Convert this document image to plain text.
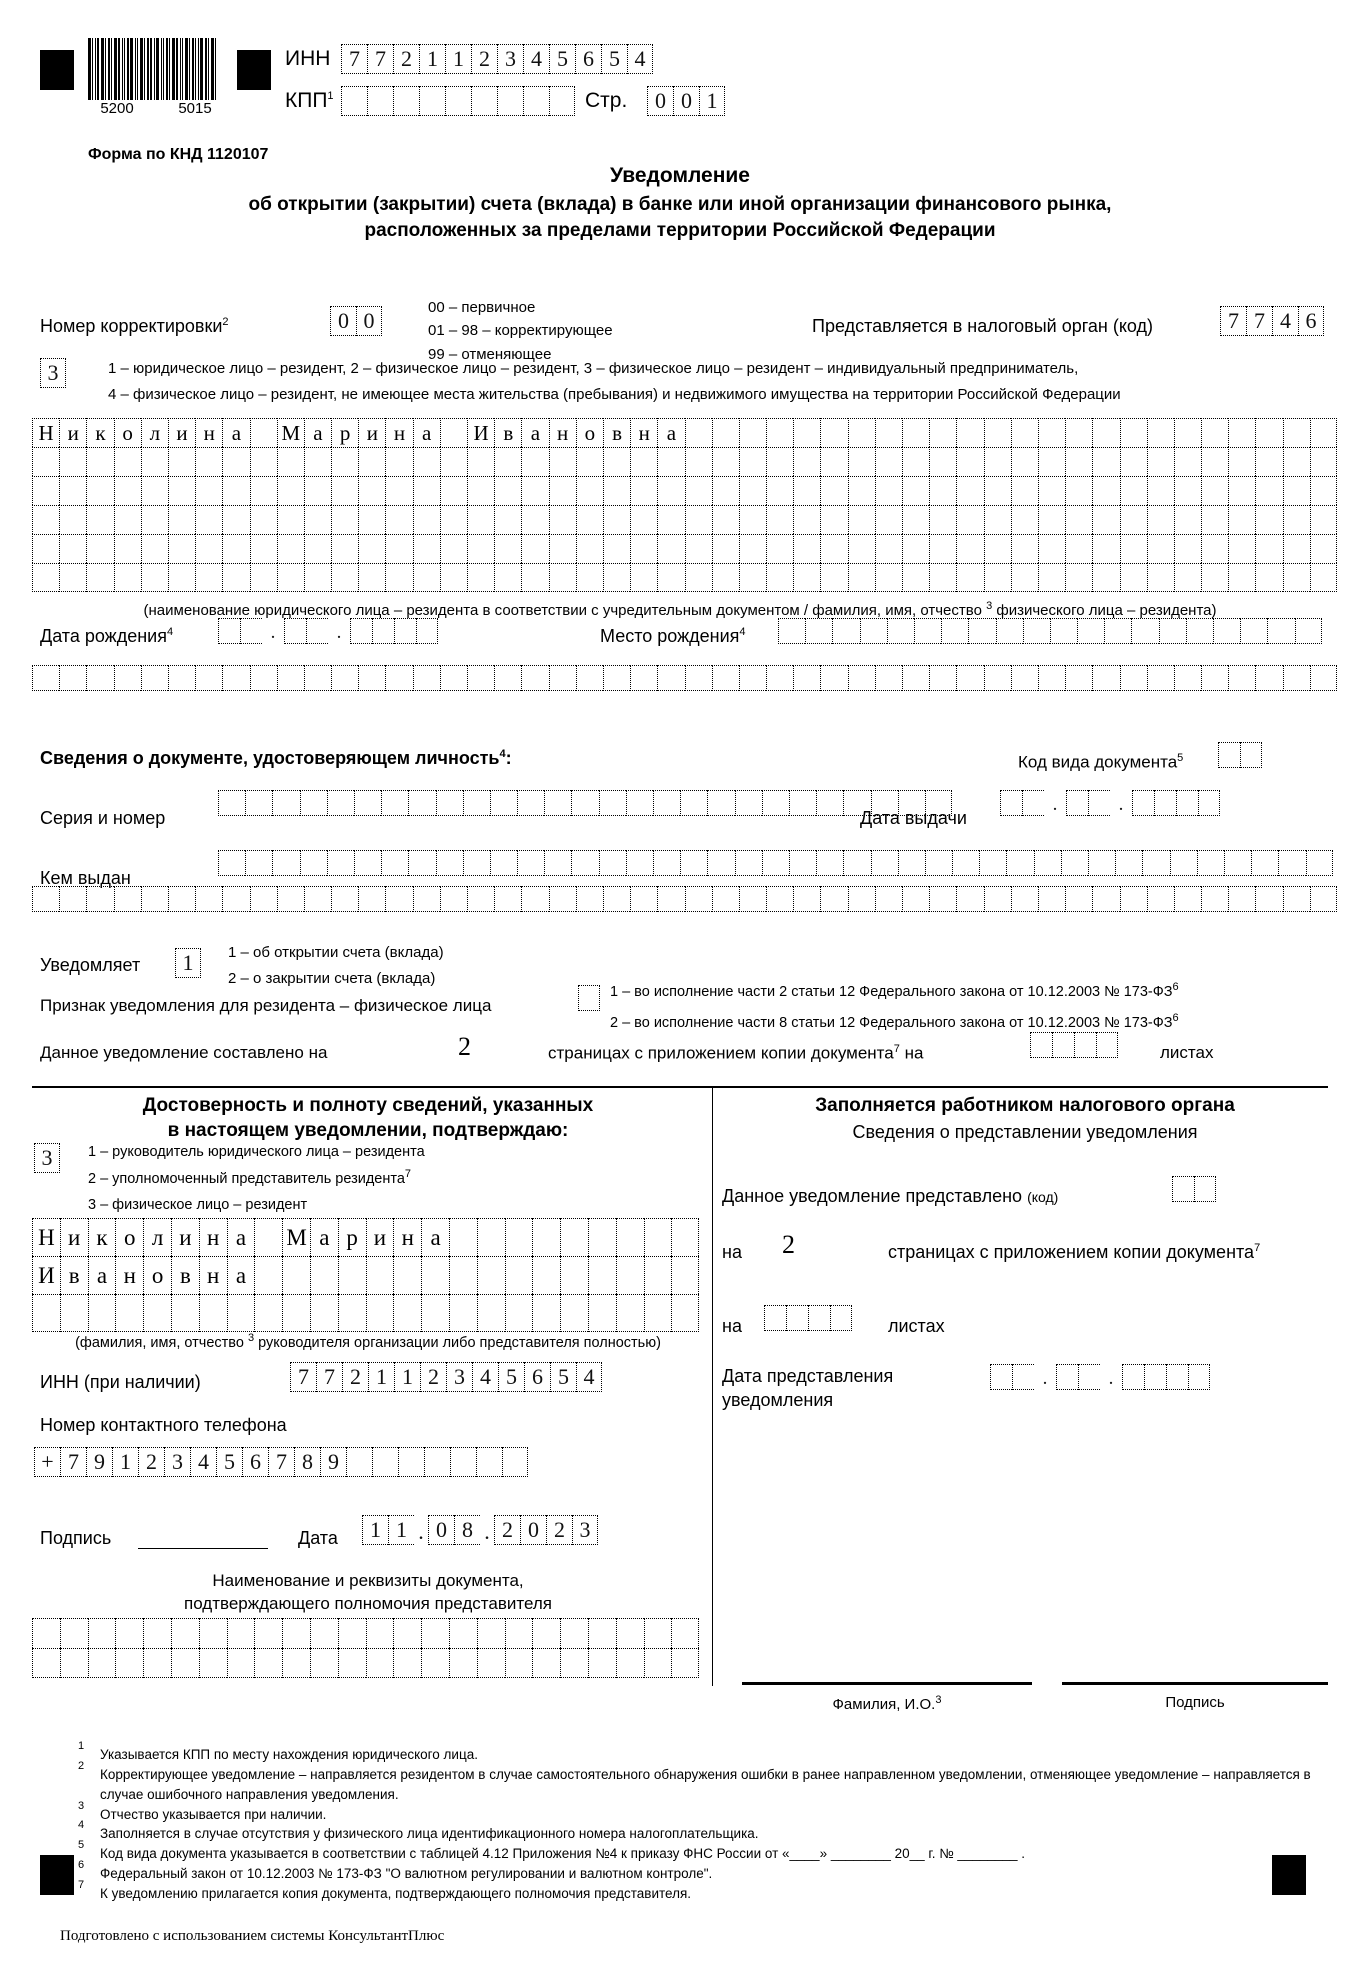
5200	5015
ИНН 7 7 2 1 1 2 3 4 5 6 5 4
КПП$^1$	Стр.	0 0 1
Форма по КНД 1120107
Уведомление
об открытии (закрытии) счета (вклада) в банке или иной организации финансового рынка,
расположенных за пределами территории Российской Федерации
Номер корректировки$^2$	0 0
00 – первичное
01 – 98 – корректирующее
99 – отменяющее
Представляется в налоговый орган (код)	7 7 4 6
3	1 – юридическое лицо – резидент, 2 – физическое лицо – резидент, 3 – физическое лицо – резидент – индивидуальный предприниматель,
4 – физическое лицо – резидент, не имеющее места жительства (пребывания) и недвижимого имущества на территории Российской Федерации
Н и к о л и н а	М а р и н а	И в а н о в н а
(наименование юридического лица – резидента в соответствии с учредительным документом / фамилия, имя, отчество $^3$ физического лица – резидента)
Дата рождения$^4$	.	.	Место рождения$^4$
Сведения о документе, удостоверяющем личность$^4$:	Код вида документа$^5$
Серия и номер	Дата выдачи
.	.
Кем выдан
Уведомляет	1	1 – об открытии счета (вклада)
2 – о закрытии счета (вклада)
Признак уведомления для резидента – физическое лица
1 – во исполнение части 2 статьи 12 Федерального закона от 10.12.2003 № $173-ФЗ^6$
2 – во исполнение части 8 статьи 12 Федерального закона от 10.12.2003 № $173-ФЗ^6$
Данное уведомление составлено на	2	страницах с приложением копии документа$^7$ на	листах
Достоверность и полноту сведений, указанных
в настоящем уведомлении, подтверждаю:
3	1 – руководитель юридического лица – резидента
2 – уполномоченный представитель резидента$^7$
3 – физическое лицо – резидент
Н и к о л и н а	М а р и н а
И в а н о в н а
(фамилия, имя, отчество $^3$ руководителя организации либо представителя полностью)
ИНН (при наличии)	7 7 2 1 1 2 3 4 5 6 5 4
Номер контактного телефона
+ 7 9 1 2 3 4 5 6 7 8 9
Подпись	Дата	1 1 . 0 8 . 2 0 2 3
Наименование и реквизиты документа,
подтверждающего полномочия представителя
Заполняется работником налогового органа
Сведения о представлении уведомления
Данное уведомление представлено (код)
на 2	страницах с приложением копии документа$^7$
на	листах
Дата представления
уведомления
.	.
Фамилия, И.О.$^3$	Подпись
1
Указывается КПП по месту нахождения юридического лица.
2
Корректирующее уведомление – направляется резидентом в случае самостоятельного обнаружения ошибки в ранее направленном уведомлении, отменяющее уведомление – направляется в случае ошибочного направления уведомления.
3
Отчество указывается при наличии.
4
Заполняется в случае отсутствия у физического лица идентификационного номера налогоплательщика.
5
Код вида документа указывается в соответствии с таблицей 4.12 Приложения №4 к приказу ФНС России от «____» ________ 20__ г. № ________ .
6
Федеральный закон от 10.12.2003 № 173-ФЗ "О валютном регулировании и валютном контроле".
7
К уведомлению прилагается копия документа, подтверждающего полномочия представителя.
Подготовлено с использованием системы КонсультантПлюс
